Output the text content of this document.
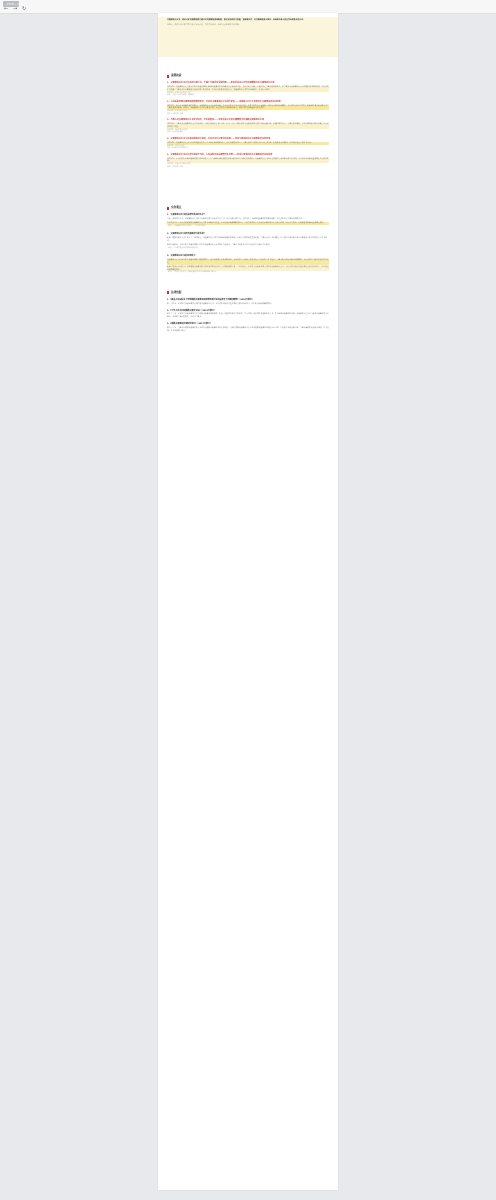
法律问题 × 北京律师
← → ↻

交通事故认定书，是由公安交通管理部门通过对交通事故现场勘验、技术分析和有关检验，查清事实后，对交通事故基本事实、成因和当事人责任作出的技术性认定。

实践中，就该认定书能否作为独立诉讼对象，存在不同观点，需结合具体案例予以判断。

案例检索
1、交通事故认定书并非具体行政行为，不属于行政诉讼受案范围——柴某诉某县公安局交通警察大队交通事故认定案
裁判要旨：交通事故认定书是公安机关交通管理部门处理交通事故作出的事实认定和成因分析，其性质属于证据，不直接设定当事人的权利义务，故当事人对交通事故认定书不服提起行政诉讼的，人民法院不予受理。当事人可在民事诉讼中就其证明力提出异议，由人民法院依法审查认定。交通事故认定书作为证据使用，不具有可诉性。
审理法院：某省某市中级人民法院
来源：《最高人民法院公报》案例选编
2、人民法院审理交通事故损害赔偿案件，可以对交通事故认定书进行审查——某保险公司与王某机动车交通事故责任纠纷案
裁判要旨：机动车交通事故责任纠纷中，交通事故认定书是重要证据，但人民法院应当对其进行审查，不能当然作为定案依据。有相反证据足以推翻的，人民法院可以不予采信，根据案件事实依法确定各方当事人的责任比例。本案中，交通事故认定书认定事实不清，人民法院结合现场勘验笔录、视听资料等证据重新分配了责任。
审理法院：某省高级人民法院
来源：中国裁判文书网
3、当事人对交通事故认定书有异议的，可申请复核——李某诉某公安局交通警察支队道路交通事故认定案
裁判要旨：当事人对交通事故认定书有异议的，可以自收到认定书之日起三日内，向上一级公安机关交通管理部门提出书面复核申请。复核结论作出后，当事人仍不服的，可在民事诉讼中提出证据，由人民法院综合审查。
审理法院：某市中级人民法院
来源：人民法院案例选
4、交通事故认定书与其他证据相互印证的，可以作为认定事实的依据——赵某与钱某机动车交通事故责任纠纷案
裁判要旨：交通事故认定书由专业机构依法作出，在无相反证据的情况下，具有较高的证明力。当事人仅以主观理由否认认定书结论，未提供充分证据的，人民法院对其主张不予支持。
审理法院：某区人民法院
来源：某市法院典型案例汇编
5、交通事故认定书认定责任明显不当的，人民法院可依法调整责任比例——孙某与周某机动车交通事故责任纠纷案
裁判要旨：人民法院在审理交通事故损害赔偿案件中，应当依据民事侵权的归责原则和过错大小确定赔偿责任。交通事故认定书所认定的责任与案件事实明显不符的，人民法院可以依法重新确定各方责任比例。
审理法院：某省某市中级人民法院
来源：中国裁判文书网
实务观点
1、交通事故认定书的法律性质如何认定？
目前，多数观点认为，交通事故认定书属于证据性质的专业技术鉴定文书，而非具体行政行为。其作用在于为处理交通事故提供事实依据，并不直接设定当事人的权利义务。
在审判实务中，人民法院通常将交通事故认定书作为证据进行审查，在无相反证据推翻的情况下，一般予以采信；若有充分证据证明认定书存在错误，则可不予采纳，并依据查明的事实重新确定责任。
（摘自：《交通事故处理实务指南》，人民法院出版社）
2、交通事故认定书能否被提起行政诉讼？
根据《道路交通安全法》第七十三条的规定，交通事故认定书作为处理交通事故的证据，不属于行政诉讼的受案范围。当事人对认定书不服的，应当通过申请复核或者在民事诉讼中提出异议的方式寻求救济。
需要注意的是，若公安机关交通管理部门不作出交通事故认定或者程序严重违法，当事人可以就其不作为或违法行为依法寻求救济。
（摘自：《行政诉讼受案范围疑难问题研究》）
3、交通事故认定书的证明效力
交通事故认定书由公安机关交通管理部门依职权作出，具有较强的专业性和权威性，其证明效力一般高于普通书证。但其证明力并非绝对，当事人提出相反证据足以推翻的，人民法院应当依法审查并作出认定。
根据《最高人民法院关于审理道路交通事故损害赔偿案件适用法律若干问题的解释》第二十四条规定，公安机关交通管理部门制作的交通事故认定书，人民法院应依法审查并确认其相应的证明力，但有相反证据推翻的除外。
（摘自：《最高人民法院关于道路交通损害赔偿司法解释理解与适用》）
法律依据
1、《最高人民法院关于审理道路交通事故损害赔偿案件适用法律若干问题的解释》（2020年修正）
第二十四条　公安机关交通管理部门制作的交通事故认定书，人民法院应依法审查并确认其相应的证明力，但有相反证据推翻的除外。
2、《中华人民共和国道路交通安全法》（2021年修正）
第七十三条　公安机关交通管理部门应当根据交通事故现场勘验、检查、调查情况和有关的检验、鉴定结论，及时制作交通事故认定书，作为处理交通事故的证据。交通事故认定书应当载明交通事故的基本事实、成因和当事人的责任，并送达当事人。
3、《道路交通事故处理程序规定》（2017年修订）
第七十一条　当事人对道路交通事故认定或者出具道路交通事故证明有异议的，可以自道路交通事故认定书或者道路交通事故证明送达之日起三日内提出书面复核申请。当事人逾期提交复核申请的，不予受理，并书面通知申请人。
